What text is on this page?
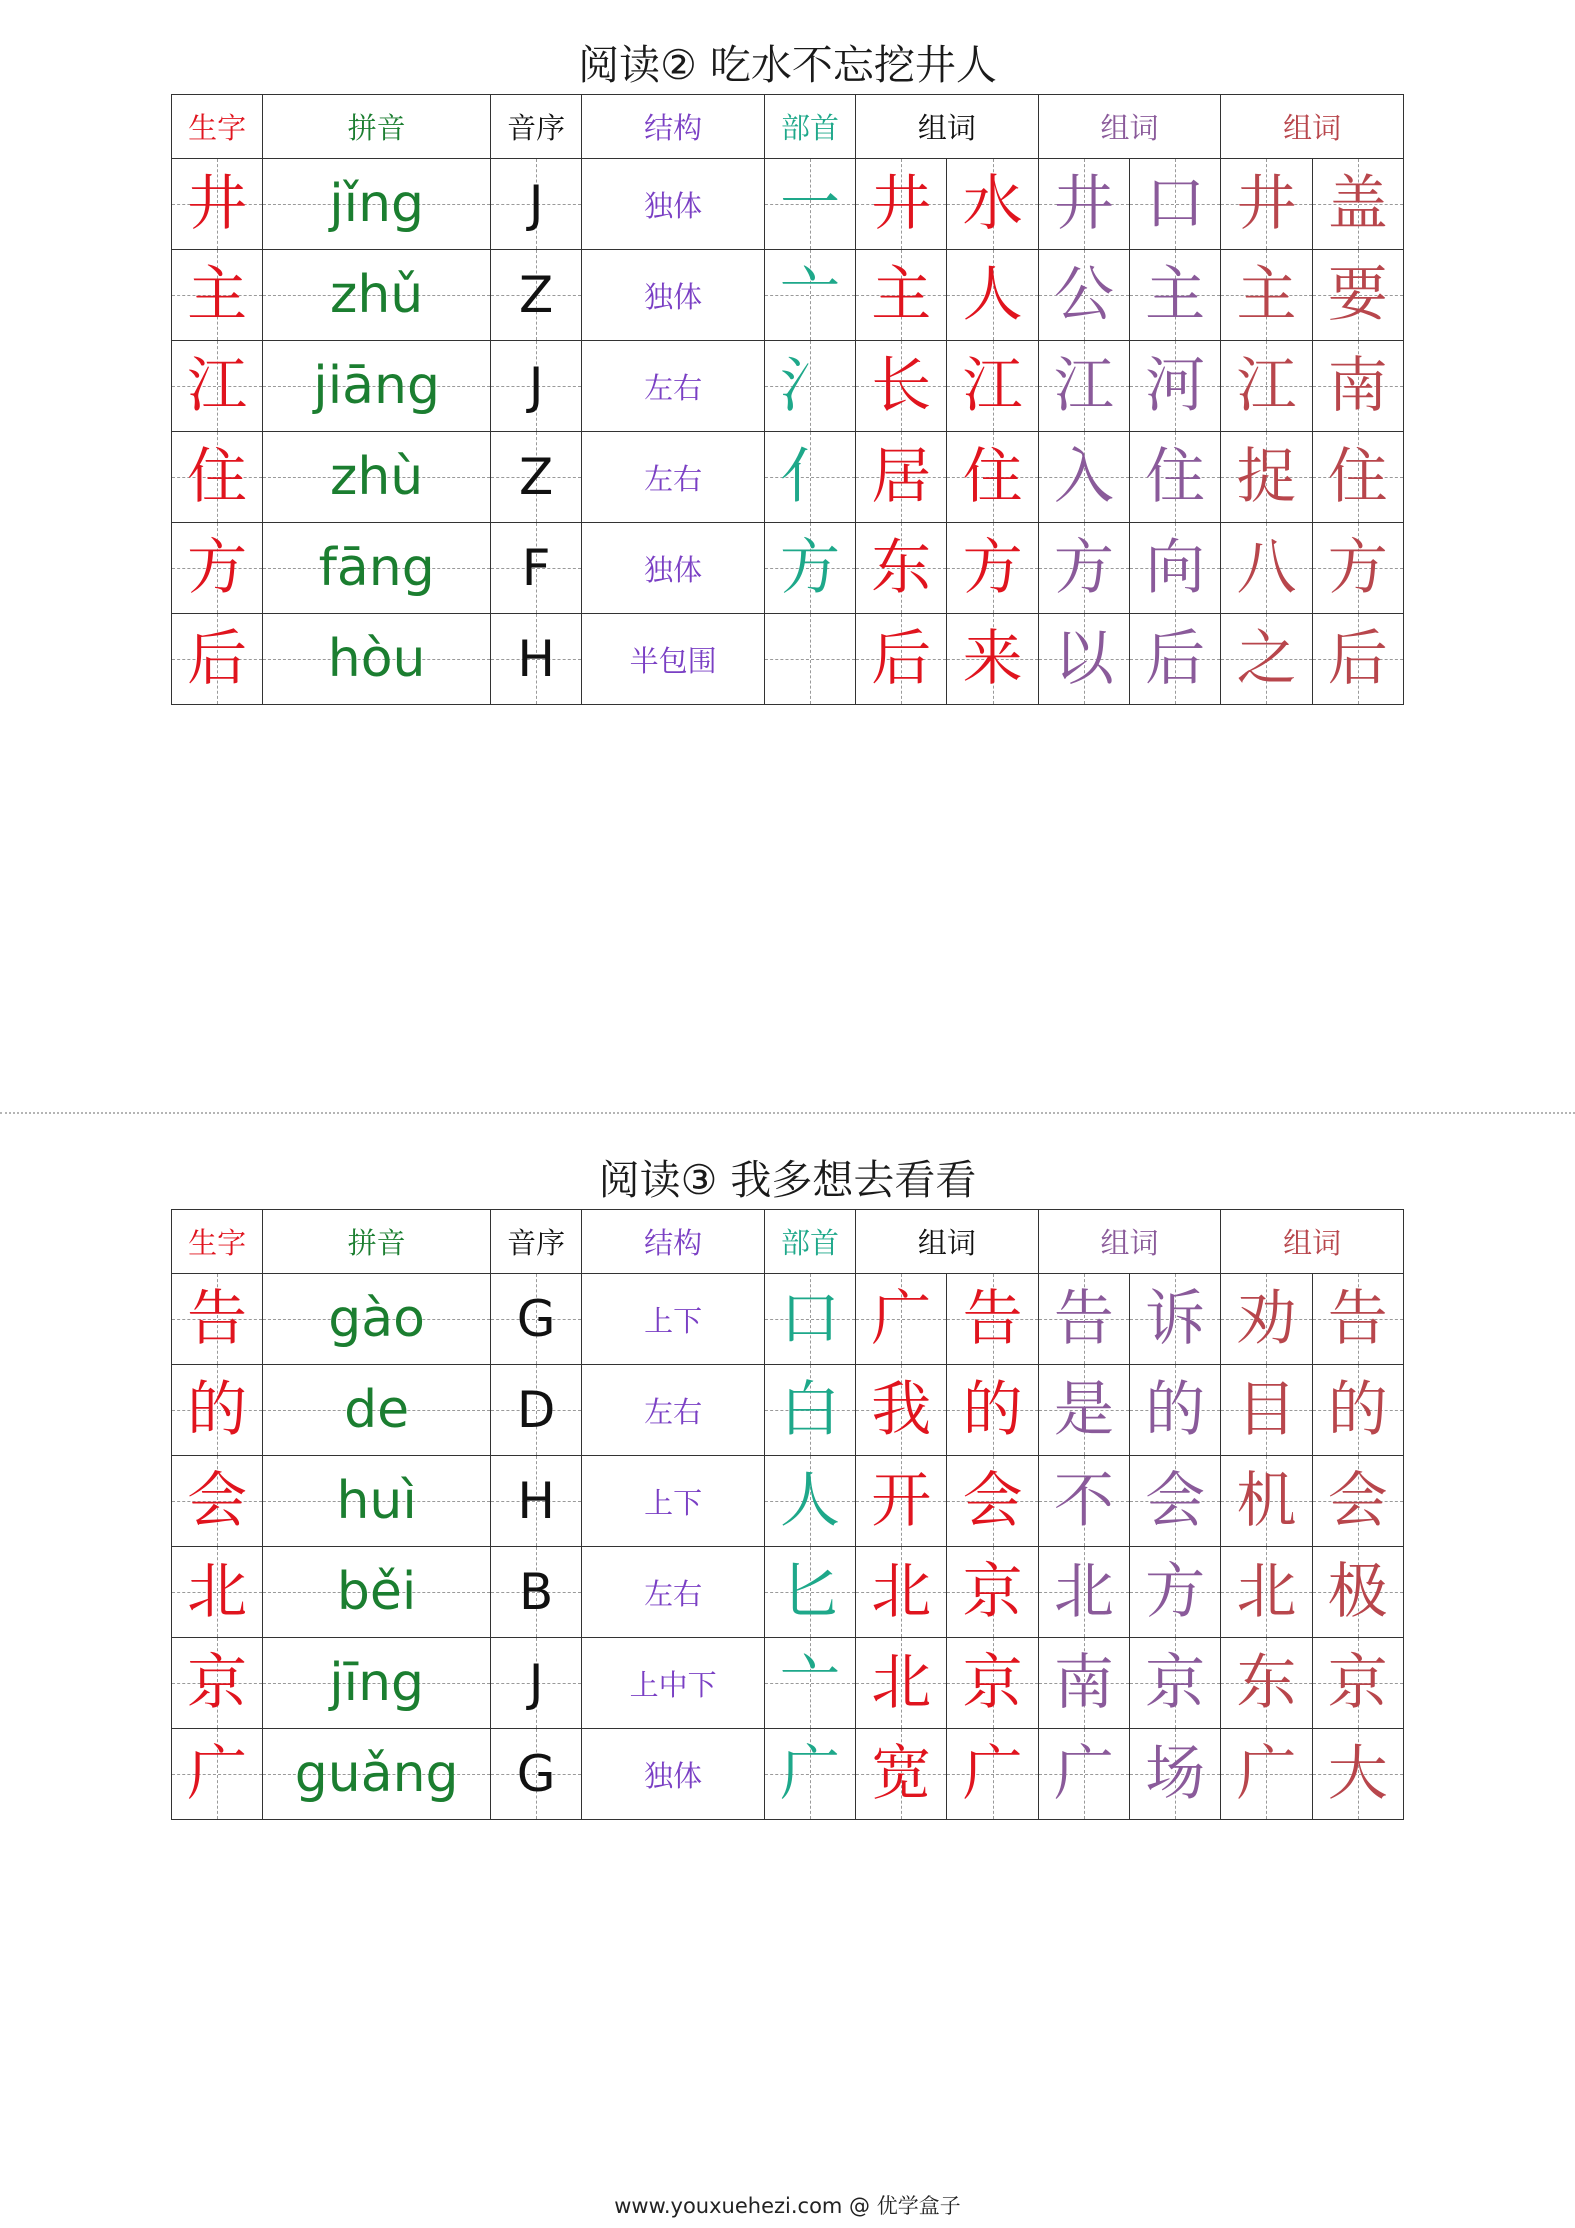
阅读② 吃水不忘挖井人
生字	拼音	音序	结构	部首	组词		组词		组词	
井	jǐng	J	独体	一	井	水	井	口	井	盖
主	zhǔ	Z	独体	亠	主	人	公	主	主	要
江	jiāng	J	左右	氵	长	江	江	河	江	南
住	zhù	Z	左右	亻	居	住	入	住	捉	住
方	fāng	F	独体	方	东	方	方	向	八	方
后	hòu	H	半包围		后	来	以	后	之	后
阅读③ 我多想去看看
生字	拼音	音序	结构	部首	组词		组词		组词	
告	gào	G	上下	口	广	告	告	诉	劝	告
的	de	D	左右	白	我	的	是	的	目	的
会	huì	H	上下	人	开	会	不	会	机	会
北	běi	B	左右	匕	北	京	北	方	北	极
京	jīng	J	上中下	亠	北	京	南	京	东	京
广	guǎng	G	独体	广	宽	广	广	场	广	大
www.youxuehezi.com @ 优学盒子
